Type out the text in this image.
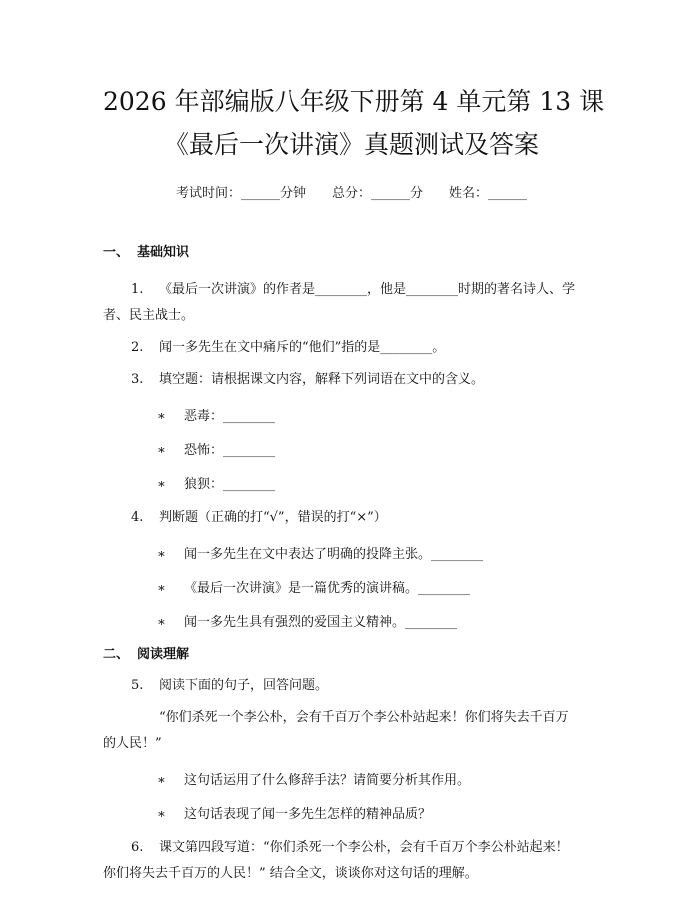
2026 年部编版八年级下册第 4 单元第 13 课
《最后一次讲演》真题测试及答案
考试时间：______分钟 总分：______分 姓名：______
一、 基础知识
1. 《最后一次讲演》的作者是________，他是________时期的著名诗人、学
者、民主战士。
2. 闻一多先生在文中痛斥的“他们”指的是________。
3. 填空题：请根据课文内容，解释下列词语在文中的含义。
∗ 恶毒：________
∗ 恐怖：________
∗ 狼狈：________
4. 判断题（正确的打“√”，错误的打“×”）
∗ 闻一多先生在文中表达了明确的投降主张。________
∗ 《最后一次讲演》是一篇优秀的演讲稿。________
∗ 闻一多先生具有强烈的爱国主义精神。________
二、 阅读理解
5. 阅读下面的句子，回答问题。
“你们杀死一个李公朴，会有千百万个李公朴站起来！你们将失去千百万
的人民！”
∗ 这句话运用了什么修辞手法？请简要分析其作用。
∗ 这句话表现了闻一多先生怎样的精神品质？
6. 课文第四段写道：“你们杀死一个李公朴，会有千百万个李公朴站起来！
你们将失去千百万的人民！” 结合全文，谈谈你对这句话的理解。
